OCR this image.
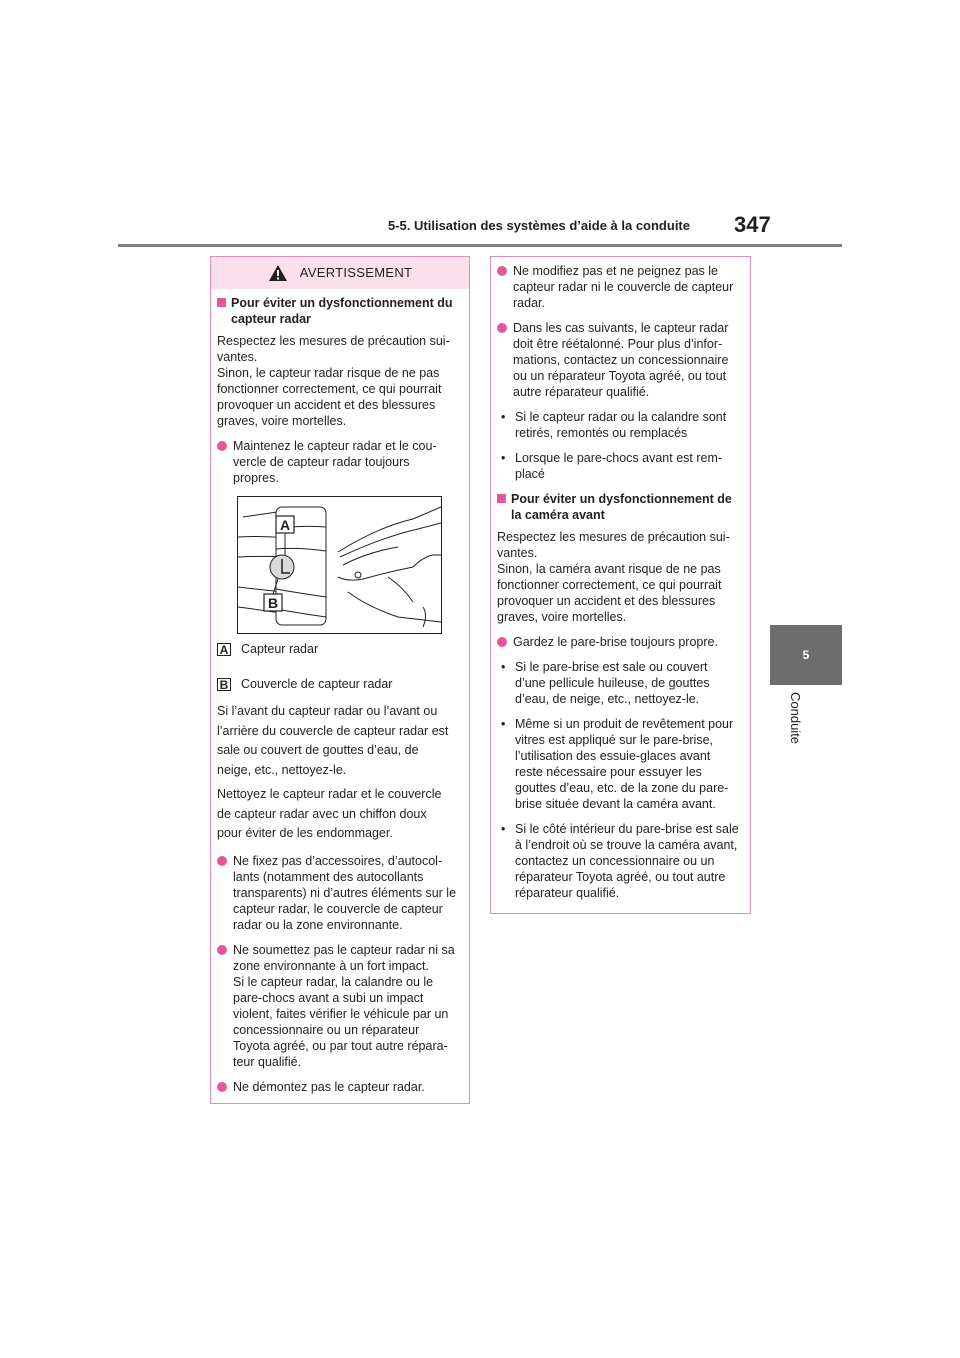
5-5. Utilisation des systèmes d’aide à la conduite 347
5
Conduite
AVERTISSEMENT
Pour éviter un dysfonctionnement du
capteur radar
Respectez les mesures de précaution sui-
vantes.
Sinon, le capteur radar risque de ne pas
fonctionner correctement, ce qui pourrait
provoquer un accident et des blessures
graves, voire mortelles.
Maintenez le capteur radar et le cou-
vercle de capteur radar toujours
propres.
A
B
A Capteur radar
B Couvercle de capteur radar
Si l’avant du capteur radar ou l’avant ou
l’arrière du couvercle de capteur radar est
sale ou couvert de gouttes d’eau, de
neige, etc., nettoyez-le.
Nettoyez le capteur radar et le couvercle
de capteur radar avec un chiffon doux
pour éviter de les endommager.
Ne fixez pas d’accessoires, d’autocol-
lants (notamment des autocollants
transparents) ni d’autres éléments sur le
capteur radar, le couvercle de capteur
radar ou la zone environnante.
Ne soumettez pas le capteur radar ni sa
zone environnante à un fort impact.
Si le capteur radar, la calandre ou le
pare-chocs avant a subi un impact
violent, faites vérifier le véhicule par un
concessionnaire ou un réparateur
Toyota agréé, ou par tout autre répara-
teur qualifié.
Ne démontez pas le capteur radar.
Ne modifiez pas et ne peignez pas le
capteur radar ni le couvercle de capteur
radar.
Dans les cas suivants, le capteur radar
doit être réétalonné. Pour plus d’infor-
mations, contactez un concessionnaire
ou un réparateur Toyota agréé, ou tout
autre réparateur qualifié.
• Si le capteur radar ou la calandre sont
retirés, remontés ou remplacés
• Lorsque le pare-chocs avant est rem-
placé
Pour éviter un dysfonctionnement de
la caméra avant
Respectez les mesures de précaution sui-
vantes.
Sinon, la caméra avant risque de ne pas
fonctionner correctement, ce qui pourrait
provoquer un accident et des blessures
graves, voire mortelles.
Gardez le pare-brise toujours propre.
• Si le pare-brise est sale ou couvert
d’une pellicule huileuse, de gouttes
d’eau, de neige, etc., nettoyez-le.
• Même si un produit de revêtement pour
vitres est appliqué sur le pare-brise,
l’utilisation des essuie-glaces avant
reste nécessaire pour essuyer les
gouttes d’eau, etc. de la zone du pare-
brise située devant la caméra avant.
• Si le côté intérieur du pare-brise est sale
à l’endroit où se trouve la caméra avant,
contactez un concessionnaire ou un
réparateur Toyota agréé, ou tout autre
réparateur qualifié.
